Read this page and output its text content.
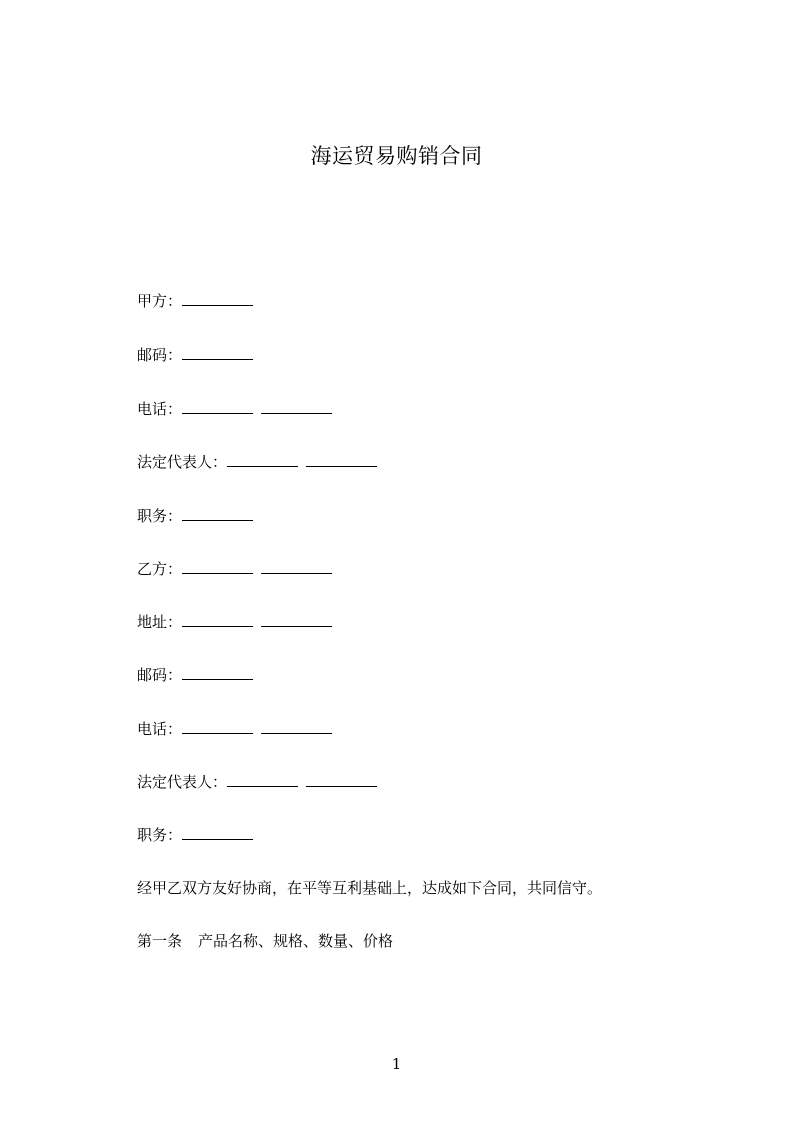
海运贸易购销合同
甲方：
邮码：
电话：
法定代表人：
职务：
乙方：
地址：
邮码：
电话：
法定代表人：
职务：
经甲乙双方友好协商，在平等互利基础上，达成如下合同，共同信守。
第一条 产品名称、规格、数量、价格
1
